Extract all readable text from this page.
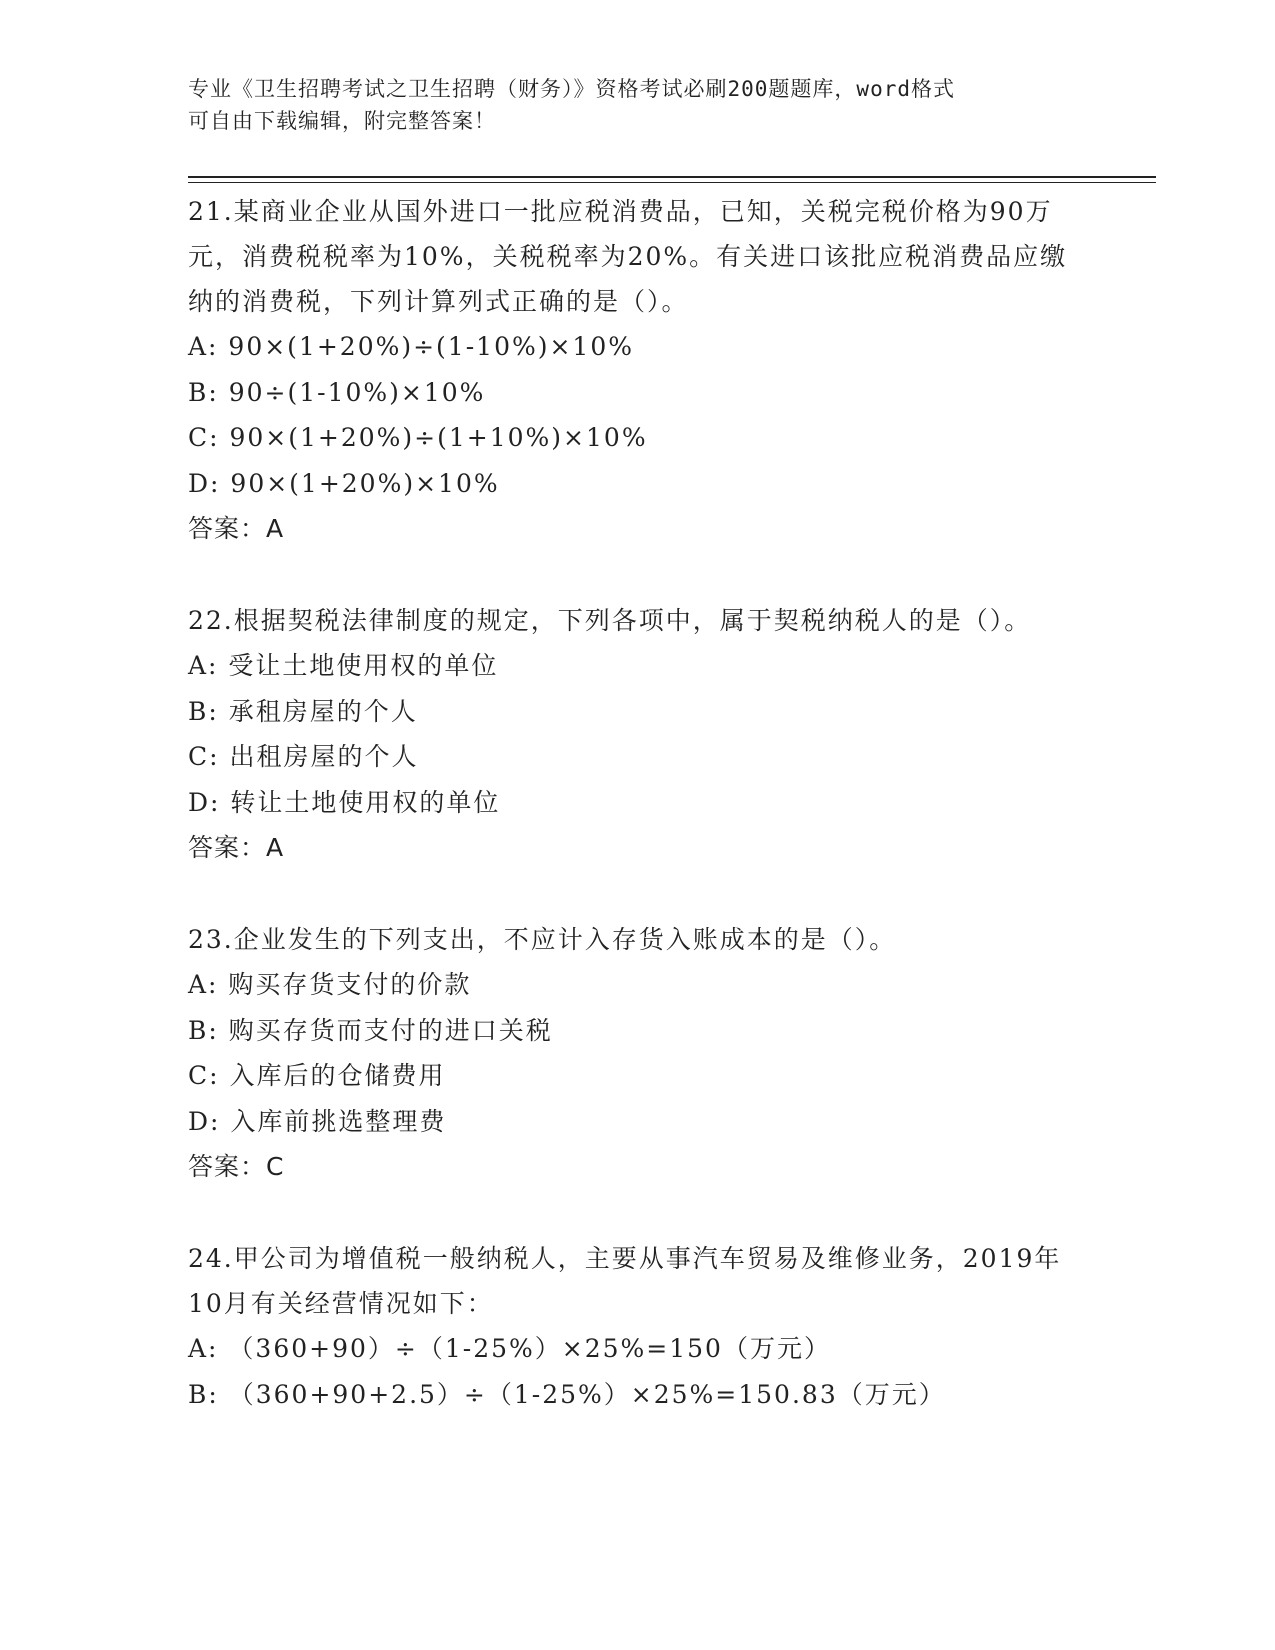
专业《卫生招聘考试之卫生招聘（财务）》资格考试必刷200题题库，word格式
可自由下载编辑，附完整答案！
21.某商业企业从国外进口一批应税消费品，已知，关税完税价格为90万元，消费税税率为10%，关税税率为20%。有关进口该批应税消费品应缴纳的消费税，下列计算列式正确的是（）。
A: 90×(1+20%)÷(1-10%)×10%
B: 90÷(1-10%)×10%
C: 90×(1+20%)÷(1+10%)×10%
D: 90×(1+20%)×10%
答案：A
22.根据契税法律制度的规定，下列各项中，属于契税纳税人的是（）。
A: 受让土地使用权的单位
B: 承租房屋的个人
C: 出租房屋的个人
D: 转让土地使用权的单位
答案：A
23.企业发生的下列支出，不应计入存货入账成本的是（）。
A: 购买存货支付的价款
B: 购买存货而支付的进口关税
C: 入库后的仓储费用
D: 入库前挑选整理费
答案：C
24.甲公司为增值税一般纳税人，主要从事汽车贸易及维修业务，2019年10月有关经营情况如下：
A: （360+90）÷（1-25%）×25%=150（万元）
B: （360+90+2.5）÷（1-25%）×25%=150.83（万元）
